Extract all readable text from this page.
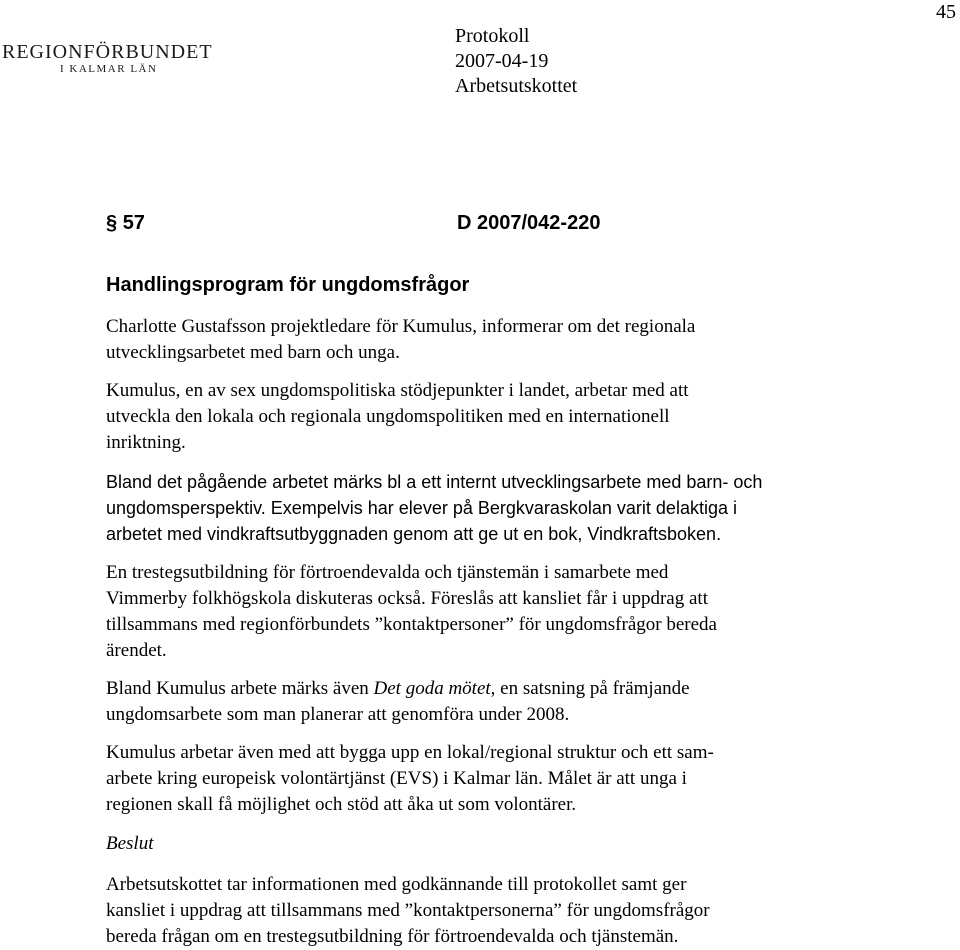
45
REGIONFÖRBUNDET
I KALMAR LÄN
Protokoll
2007-04-19
Arbetsutskottet
§ 57	D 2007/042-220
Handlingsprogram för ungdomsfrågor
Charlotte Gustafsson projektledare för Kumulus, informerar om det regionala
utvecklingsarbetet med barn och unga.
Kumulus, en av sex ungdomspolitiska stödjepunkter i landet, arbetar med att
utveckla den lokala och regionala ungdomspolitiken med en internationell
inriktning.
Bland det pågående arbetet märks bl a ett internt utvecklingsarbete med barn- och
ungdomsperspektiv. Exempelvis har elever på Bergkvaraskolan varit delaktiga i
arbetet med vindkraftsutbyggnaden genom att ge ut en bok, Vindkraftsboken.
En trestegsutbildning för förtroendevalda och tjänstemän i samarbete med
Vimmerby folkhögskola diskuteras också. Föreslås att kansliet får i uppdrag att
tillsammans med regionförbundets ”kontaktpersoner” för ungdomsfrågor bereda
ärendet.
Bland Kumulus arbete märks även Det goda mötet, en satsning på främjande
ungdomsarbete som man planerar att genomföra under 2008.
Kumulus arbetar även med att bygga upp en lokal/regional struktur och ett sam-
arbete kring europeisk volontärtjänst (EVS) i Kalmar län. Målet är att unga i
regionen skall få möjlighet och stöd att åka ut som volontärer.
Beslut
Arbetsutskottet tar informationen med godkännande till protokollet samt ger
kansliet i uppdrag att tillsammans med ”kontaktpersonerna” för ungdomsfrågor
bereda frågan om en trestegsutbildning för förtroendevalda och tjänstemän.
